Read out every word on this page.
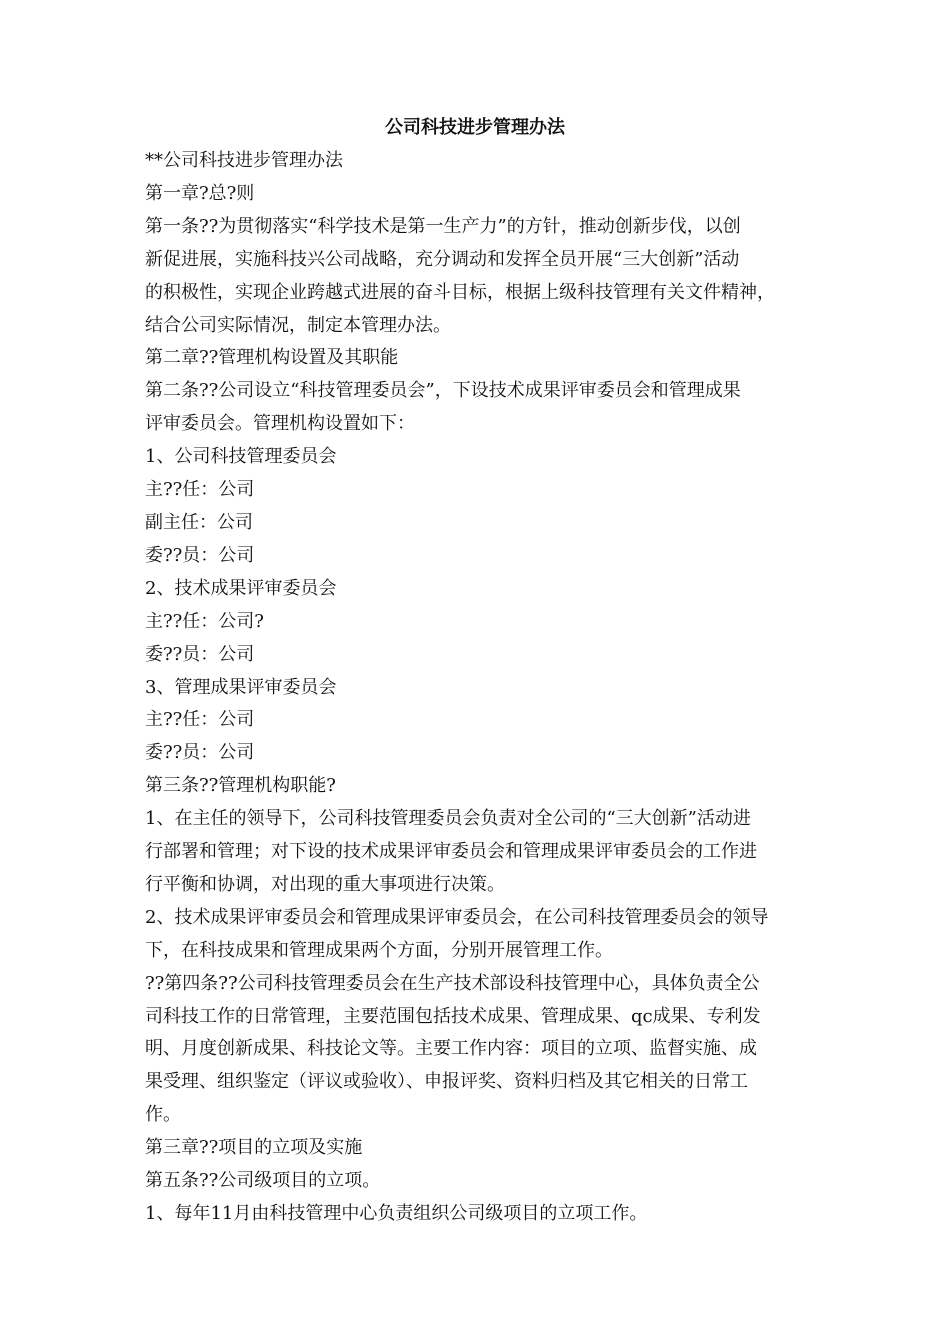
公司科技进步管理办法
**公司科技进步管理办法
第一章?总?则
第一条??为贯彻落实“科学技术是第一生产力”的方针，推动创新步伐，以创
新促进展，实施科技兴公司战略，充分调动和发挥全员开展“三大创新”活动
的积极性，实现企业跨越式进展的奋斗目标，根据上级科技管理有关文件精神，
结合公司实际情况，制定本管理办法。
第二章??管理机构设置及其职能
第二条??公司设立“科技管理委员会”，下设技术成果评审委员会和管理成果
评审委员会。管理机构设置如下：
1、公司科技管理委员会
主??任：公司
副主任：公司
委??员：公司
2、技术成果评审委员会
主??任：公司?
委??员：公司
3、管理成果评审委员会
主??任：公司
委??员：公司
第三条??管理机构职能?
1、在主任的领导下，公司科技管理委员会负责对全公司的“三大创新”活动进
行部署和管理；对下设的技术成果评审委员会和管理成果评审委员会的工作进
行平衡和协调，对出现的重大事项进行决策。
2、技术成果评审委员会和管理成果评审委员会，在公司科技管理委员会的领导
下，在科技成果和管理成果两个方面，分别开展管理工作。
??第四条??公司科技管理委员会在生产技术部设科技管理中心，具体负责全公
司科技工作的日常管理，主要范围包括技术成果、管理成果、qc成果、专利发
明、月度创新成果、科技论文等。主要工作内容：项目的立项、监督实施、成
果受理、组织鉴定（评议或验收）、申报评奖、资料归档及其它相关的日常工
作。
第三章??项目的立项及实施
第五条??公司级项目的立项。
1、每年11月由科技管理中心负责组织公司级项目的立项工作。
